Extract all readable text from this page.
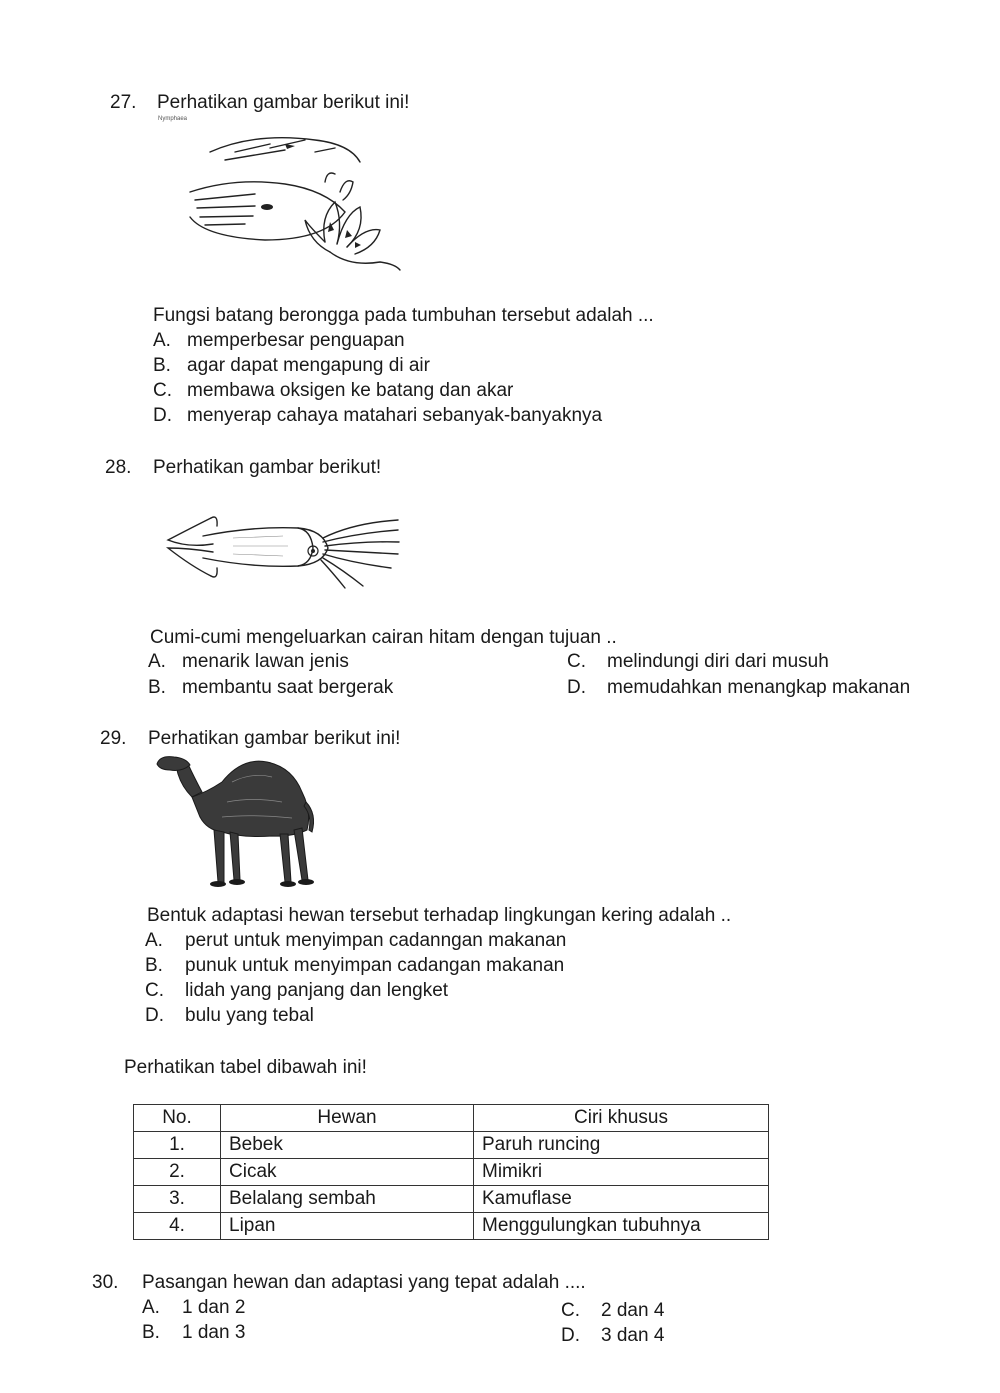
27. Perhatikan gambar berikut ini!
Nymphaea
Fungsi batang berongga pada tumbuhan tersebut adalah ...
A. memperbesar penguapan
B. agar dapat mengapung di air
C. membawa oksigen ke batang dan akar
D. menyerap cahaya matahari sebanyak-banyaknya
28. Perhatikan gambar berikut!
Cumi-cumi mengeluarkan cairan hitam dengan tujuan ..
A. menarik lawan jenis
B. membantu saat bergerak
C. melindungi diri dari musuh
D. memudahkan menangkap makanan
29. Perhatikan gambar berikut ini!
Bentuk adaptasi hewan tersebut terhadap lingkungan kering adalah ..
A. perut untuk menyimpan cadanngan makanan
B. punuk untuk menyimpan cadangan makanan
C. lidah yang panjang dan lengket
D. bulu yang tebal
Perhatikan tabel dibawah ini!
No.	Hewan	Ciri khusus
1.	Bebek	Paruh runcing
2.	Cicak	Mimikri
3.	Belalang sembah	Kamuflase
4.	Lipan	Menggulungkan tubuhnya
30. Pasangan hewan dan adaptasi yang tepat adalah ....
A. 1 dan 2
B. 1 dan 3
C. 2 dan 4
D. 3 dan 4
